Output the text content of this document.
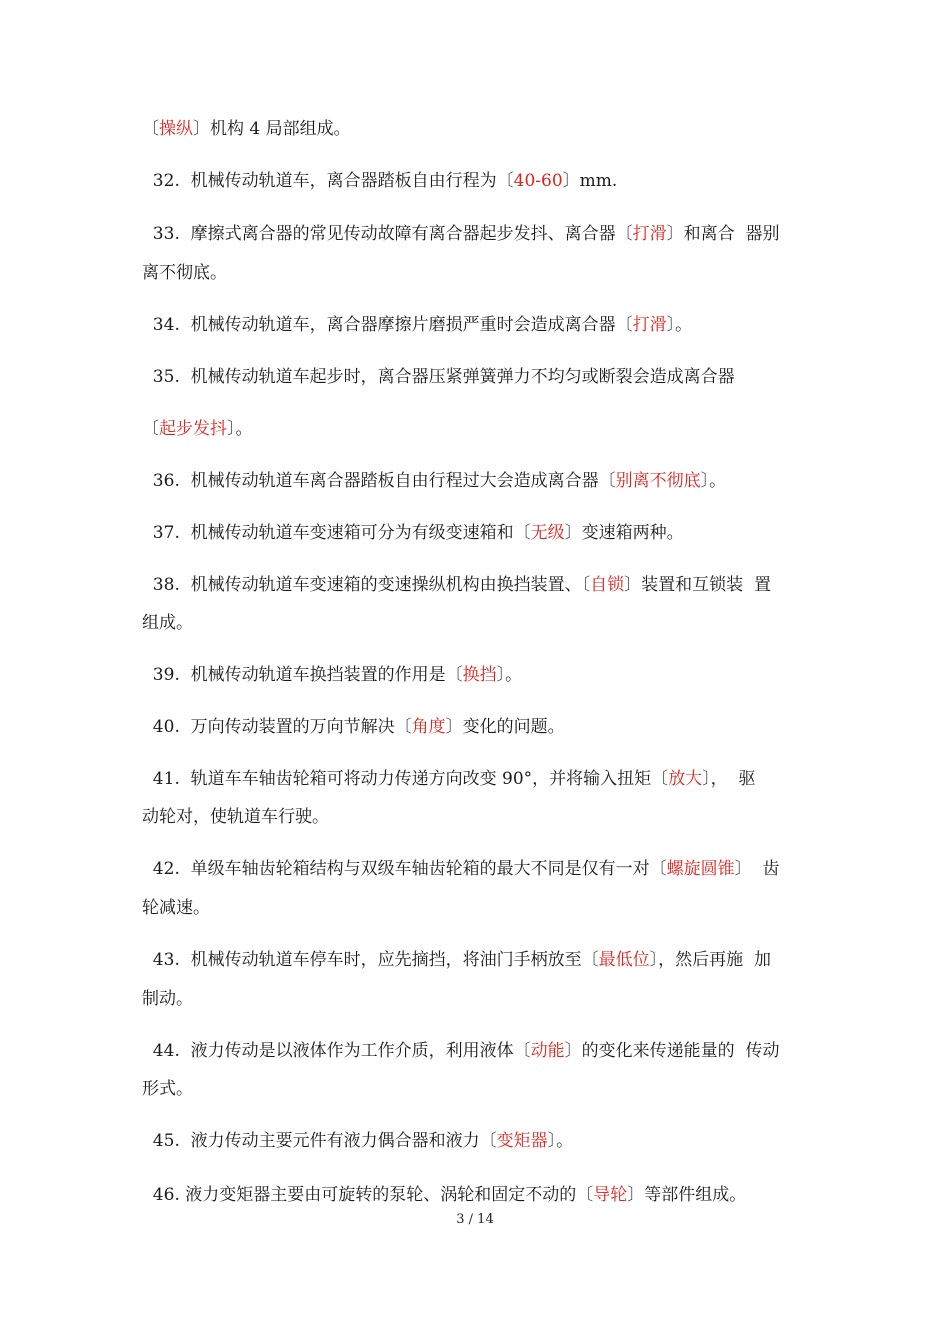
〔操纵〕机构 4 局部组成。
32.  机械传动轨道车，离合器踏板自由行程为〔40-60〕mm.
33.  摩擦式离合器的常见传动故障有离合器起步发抖、离合器〔打滑〕和离合  器别
离不彻底。
34.  机械传动轨道车，离合器摩擦片磨损严重时会造成离合器〔打滑〕。
35.  机械传动轨道车起步时，离合器压紧弹簧弹力不均匀或断裂会造成离合器
〔起步发抖〕。
36.  机械传动轨道车离合器踏板自由行程过大会造成离合器〔别离不彻底〕。
37.  机械传动轨道车变速箱可分为有级变速箱和〔无级〕变速箱两种。
38.  机械传动轨道车变速箱的变速操纵机构由换挡装置、〔自锁〕装置和互锁装  置
组成。
39.  机械传动轨道车换挡装置的作用是〔换挡〕。
40.  万向传动装置的万向节解决〔角度〕变化的问题。
41.  轨道车车轴齿轮箱可将动力传递方向改变 90°，并将输入扭矩〔放大〕，  驱
动轮对，使轨道车行驶。
42.  单级车轴齿轮箱结构与双级车轴齿轮箱的最大不同是仅有一对〔螺旋圆锥〕  齿
轮减速。
43.  机械传动轨道车停车时，应先摘挡，将油门手柄放至〔最低位〕，然后再施  加
制动。
44.  液力传动是以液体作为工作介质，利用液体〔动能〕的变化来传递能量的  传动
形式。
45.  液力传动主要元件有液力偶合器和液力〔变矩器〕。
46. 液力变矩器主要由可旋转的泵轮、涡轮和固定不动的〔导轮〕等部件组成。
3 / 14
